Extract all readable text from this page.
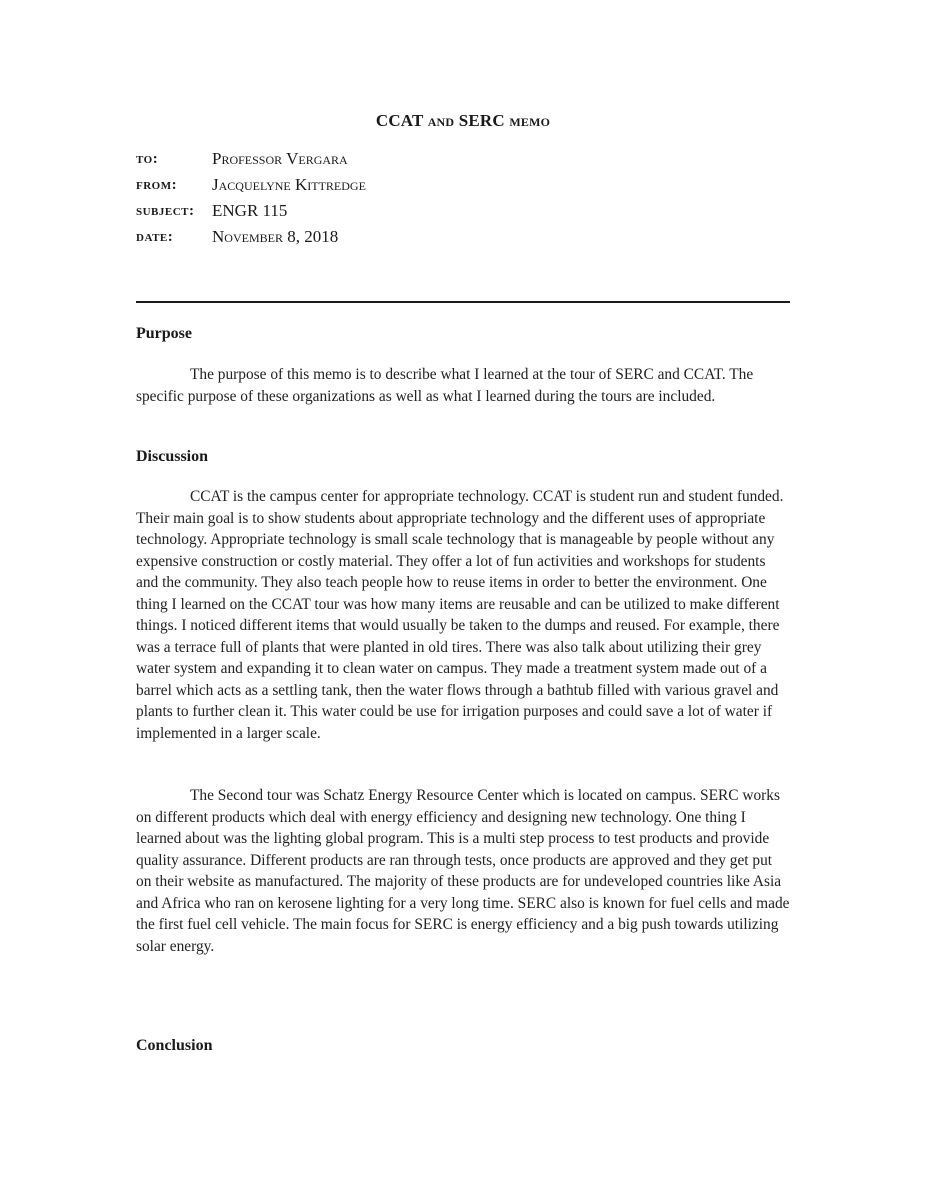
CCAT and SERC memo
to:	Professor Vergara
from: Jacquelyne Kittredge
subject: ENGR 115
date: November 8, 2018
Purpose

The purpose of this memo is to describe what I learned at the tour of SERC and CCAT. The specific purpose of these organizations as well as what I learned during the tours are included.

Discussion

CCAT is the campus center for appropriate technology. CCAT is student run and student funded. Their main goal is to show students about appropriate technology and the different uses of appropriate technology. Appropriate technology is small scale technology that is manageable by people without any expensive construction or costly material. They offer a lot of fun activities and workshops for students and the community. They also teach people how to reuse items in order to better the environment. One thing I learned on the CCAT tour was how many items are reusable and can be utilized to make different things. I noticed different items that would usually be taken to the dumps and reused. For example, there was a terrace full of plants that were planted in old tires. There was also talk about utilizing their grey water system and expanding it to clean water on campus. They made a treatment system made out of a barrel which acts as a settling tank, then the water flows through a bathtub filled with various gravel and plants to further clean it. This water could be use for irrigation purposes and could save a lot of water if implemented in a larger scale.

The Second tour was Schatz Energy Resource Center which is located on campus. SERC works on different products which deal with energy efficiency and designing new technology. One thing I learned about was the lighting global program. This is a multi step process to test products and provide quality assurance. Different products are ran through tests, once products are approved and they get put on their website as manufactured. The majority of these products are for undeveloped countries like Asia and Africa who ran on kerosene lighting for a very long time. SERC also is known for fuel cells and made the first fuel cell vehicle. The main focus for SERC is energy efficiency and a big push towards utilizing solar energy.

Conclusion
